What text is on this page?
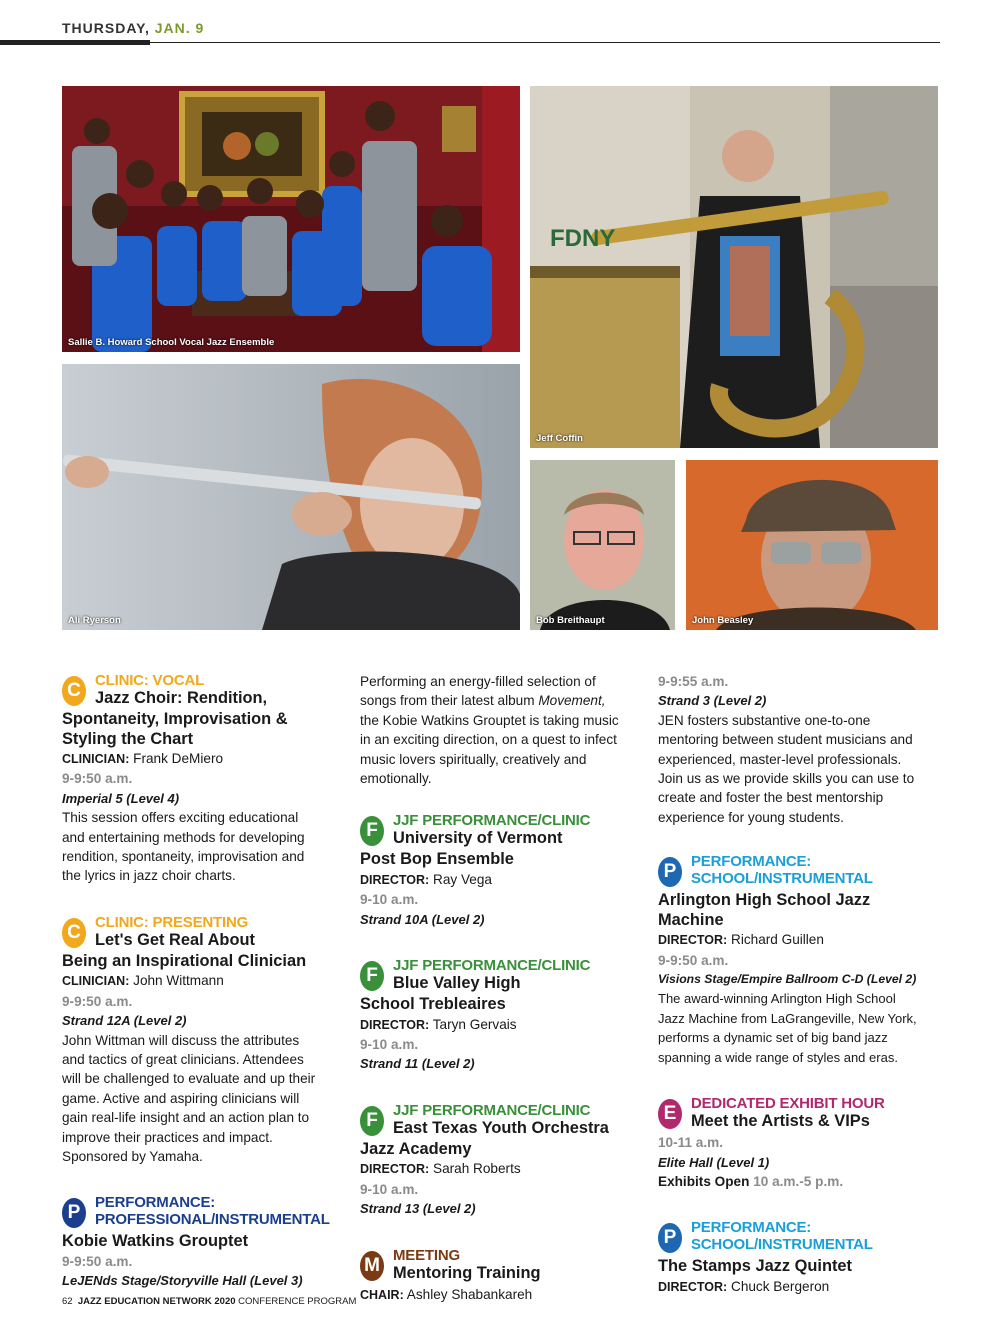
THURSDAY, JAN. 9
Sallie B. Howard School Vocal Jazz Ensemble
FDNY
Jeff Coffin
Ali Ryerson	Bob Breithaupt	John Beasley
C CLINIC: VOCAL
Jazz Choir: Rendition,
Spontaneity, Improvisation & Styling the Chart
CLINICIAN: Frank DeMiero
9-9:50 a.m.
Imperial 5 (Level 4)

This session offers exciting educational and entertaining methods for developing rendition, spontaneity, improvisation and the lyrics in jazz choir charts.

C CLINIC: PRESENTING
Let's Get Real About
Being an Inspirational Clinician
CLINICIAN: John Wittmann
9-9:50 a.m.
Strand 12A (Level 2)

John Wittman will discuss the attributes and tactics of great clinicians. Attendees will be challenged to evaluate and up their game. Active and aspiring clinicians will gain real-life insight and an action plan to improve their practices and impact. Sponsored by Yamaha.

P PERFORMANCE:
PROFESSIONAL/INSTRUMENTAL
Kobie Watkins Grouptet
9-9:50 a.m.
LeJENds Stage/Storyville Hall (Level 3)

Performing an energy-filled selection of songs from their latest album Movement, the Kobie Watkins Grouptet is taking music in an exciting direction, on a quest to infect music lovers spiritually, creatively and emotionally.

F	JJF PERFORMANCE/CLINIC
University of Vermont
Post Bop Ensemble
DIRECTOR: Ray Vega
9-10 a.m.
Strand 10A (Level 2)
F	JJF PERFORMANCE/CLINIC
Blue Valley High
School Trebleaires
DIRECTOR: Taryn Gervais
9-10 a.m.
Strand 11 (Level 2)
F	JJF PERFORMANCE/CLINIC
East Texas Youth Orchestra
Jazz Academy
DIRECTOR: Sarah Roberts
9-10 a.m.
Strand 13 (Level 2)
M MEETING
Mentoring Training
CHAIR: Ashley Shabankareh
9-9:55 a.m.
Strand 3 (Level 2)

JEN fosters substantive one-to-one mentoring between student musicians and experienced, master-level professionals. Join us as we provide skills you can use to create and foster the best mentorship experience for young students.

P PERFORMANCE:
SCHOOL/INSTRUMENTAL
Arlington High School Jazz Machine
DIRECTOR: Richard Guillen
9-9:50 a.m.
Visions Stage/Empire Ballroom C-D (Level 2)

The award-winning Arlington High School Jazz Machine from LaGrangeville, New York, performs a dynamic set of big band jazz spanning a wide range of styles and eras.

E DEDICATED EXHIBIT HOUR
Meet the Artists & VIPs
10-11 a.m.
Elite Hall (Level 1)
Exhibits Open 10 a.m.-5 p.m.
P PERFORMANCE:
SCHOOL/INSTRUMENTAL
The Stamps Jazz Quintet
DIRECTOR: Chuck Bergeron
62 JAZZ EDUCATION NETWORK 2020 CONFERENCE PROGRAM
